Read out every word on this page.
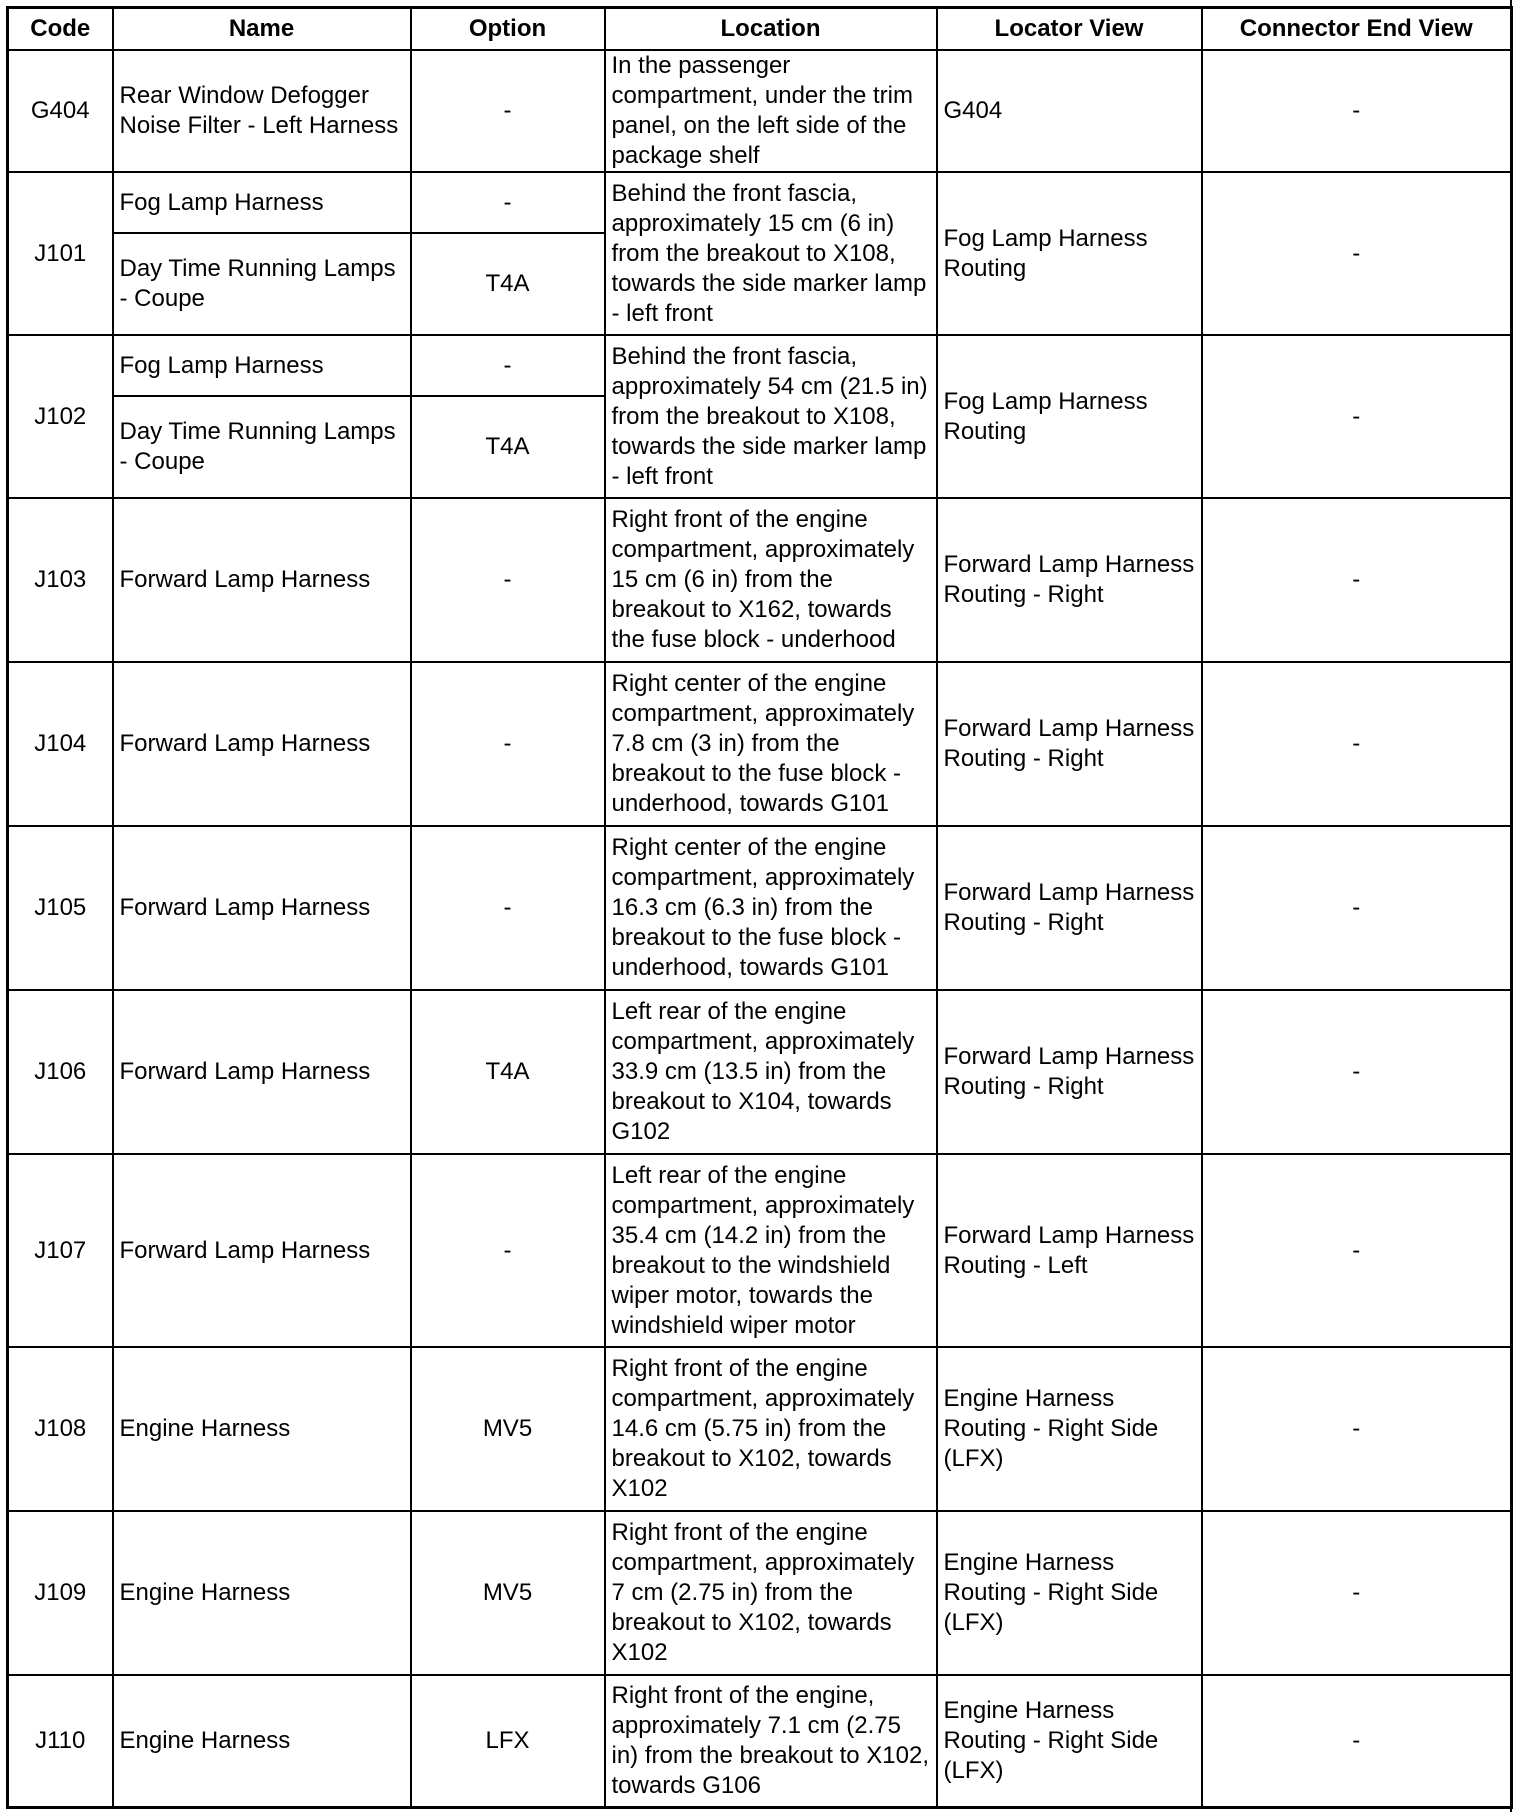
Code	Name	Option	Location	Locator View	Connector End View
G404	Rear Window Defogger Noise Filter - Left Harness	-	In the passenger compartment, under the trim panel, on the left side of the package shelf	G404	-
J101	Fog Lamp Harness	-	Behind the front fascia, approximately 15 cm (6 in) from the breakout to X108, towards the side marker lamp - left front	Fog Lamp Harness Routing	-
	Day Time Running Lamps - Coupe	T4A			
J102	Fog Lamp Harness	-	Behind the front fascia, approximately 54 cm (21.5 in) from the breakout to X108, towards the side marker lamp - left front	Fog Lamp Harness Routing	-
	Day Time Running Lamps - Coupe	T4A			
J103	Forward Lamp Harness	-	Right front of the engine compartment, approximately 15 cm (6 in) from the breakout to X162, towards the fuse block - underhood	Forward Lamp Harness Routing - Right	-
J104	Forward Lamp Harness	-	Right center of the engine compartment, approximately 7.8 cm (3 in) from the breakout to the fuse block - underhood, towards G101	Forward Lamp Harness Routing - Right	-
J105	Forward Lamp Harness	-	Right center of the engine compartment, approximately 16.3 cm (6.3 in) from the breakout to the fuse block - underhood, towards G101	Forward Lamp Harness Routing - Right	-
J106	Forward Lamp Harness	T4A	Left rear of the engine compartment, approximately 33.9 cm (13.5 in) from the breakout to X104, towards G102	Forward Lamp Harness Routing - Right	-
J107	Forward Lamp Harness	-	Left rear of the engine compartment, approximately 35.4 cm (14.2 in) from the breakout to the windshield wiper motor, towards the windshield wiper motor	Forward Lamp Harness Routing - Left	-
J108	Engine Harness	MV5	Right front of the engine compartment, approximately 14.6 cm (5.75 in) from the breakout to X102, towards X102	Engine Harness Routing - Right Side (LFX)	-
J109	Engine Harness	MV5	Right front of the engine compartment, approximately 7 cm (2.75 in) from the breakout to X102, towards X102	Engine Harness Routing - Right Side (LFX)	-
J110	Engine Harness	LFX	Right front of the engine, approximately 7.1 cm (2.75 in) from the breakout to X102, towards G106	Engine Harness Routing - Right Side (LFX)	-
